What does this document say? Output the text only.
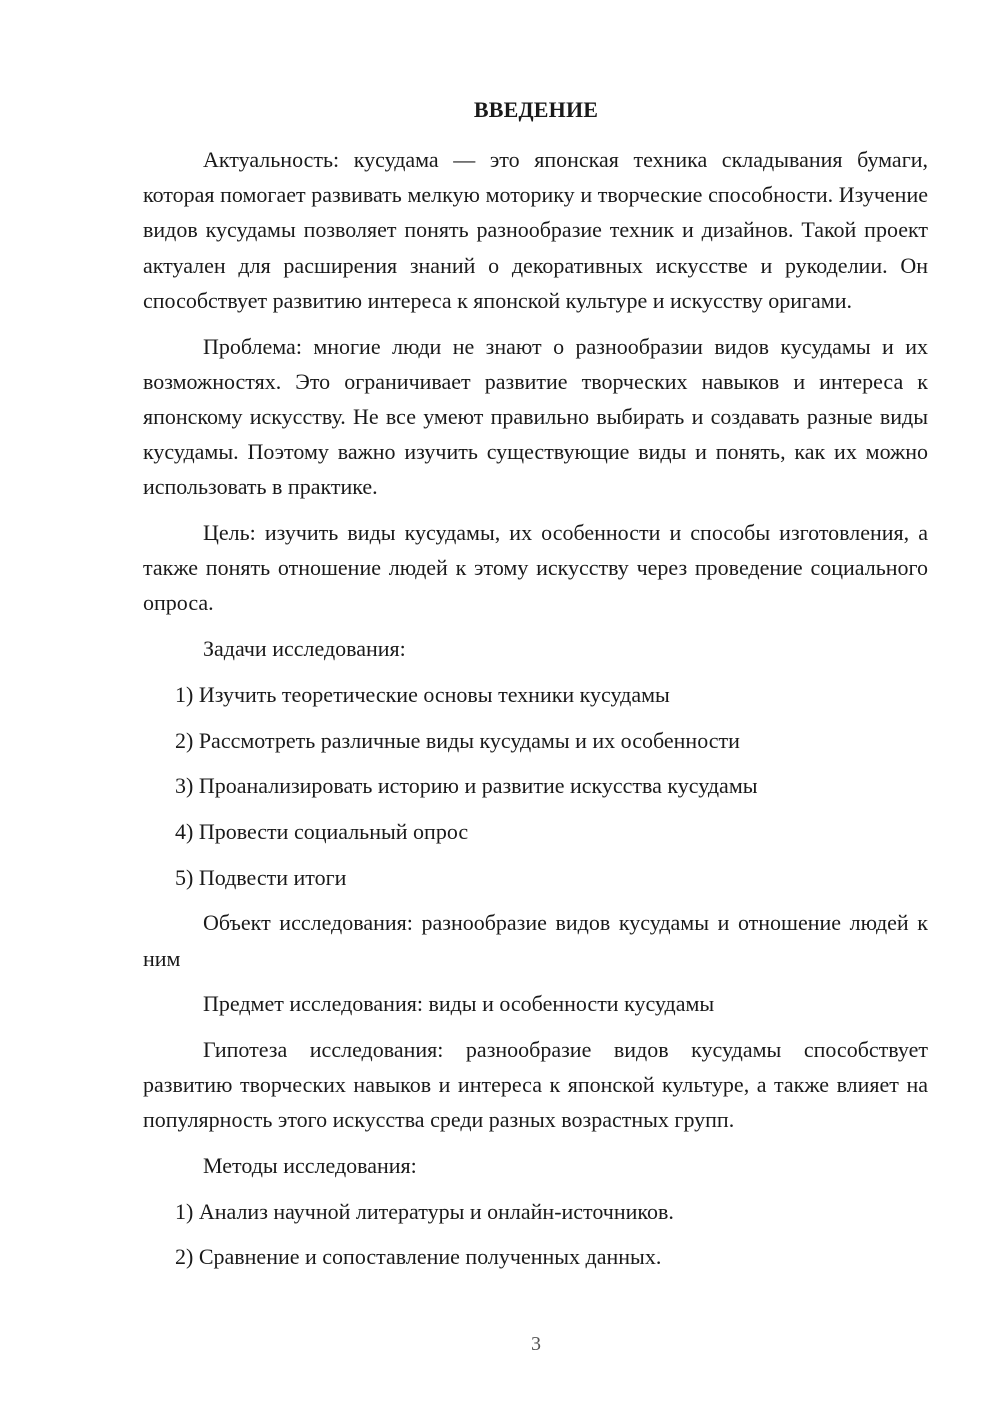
ВВЕДЕНИЕ

Актуальность: кусудама — это японская техника складывания бумаги, которая помогает развивать мелкую моторику и творческие способности. Изучение видов кусудамы позволяет понять разнообразие техник и дизайнов. Такой проект актуален для расширения знаний о декоративных искусстве и рукоделии. Он способствует развитию интереса к японской культуре и искусству оригами.

Проблема: многие люди не знают о разнообразии видов кусудамы и их возможностях. Это ограничивает развитие творческих навыков и интереса к японскому искусству. Не все умеют правильно выбирать и создавать разные виды кусудамы. Поэтому важно изучить существующие виды и понять, как их можно использовать в практике.

Цель: изучить виды кусудамы, их особенности и способы изготовления, а также понять отношение людей к этому искусству через проведение социального опроса.

Задачи исследования:

1) Изучить теоретические основы техники кусудамы

2) Рассмотреть различные виды кусудамы и их особенности

3) Проанализировать историю и развитие искусства кусудамы

4) Провести социальный опрос

5) Подвести итоги

Объект исследования: разнообразие видов кусудамы и отношение людей к ним

Предмет исследования: виды и особенности кусудамы

Гипотеза исследования: разнообразие видов кусудамы способствует развитию творческих навыков и интереса к японской культуре, а также влияет на популярность этого искусства среди разных возрастных групп.

Методы исследования:

1) Анализ научной литературы и онлайн-источников.

2) Сравнение и сопоставление полученных данных.

3
